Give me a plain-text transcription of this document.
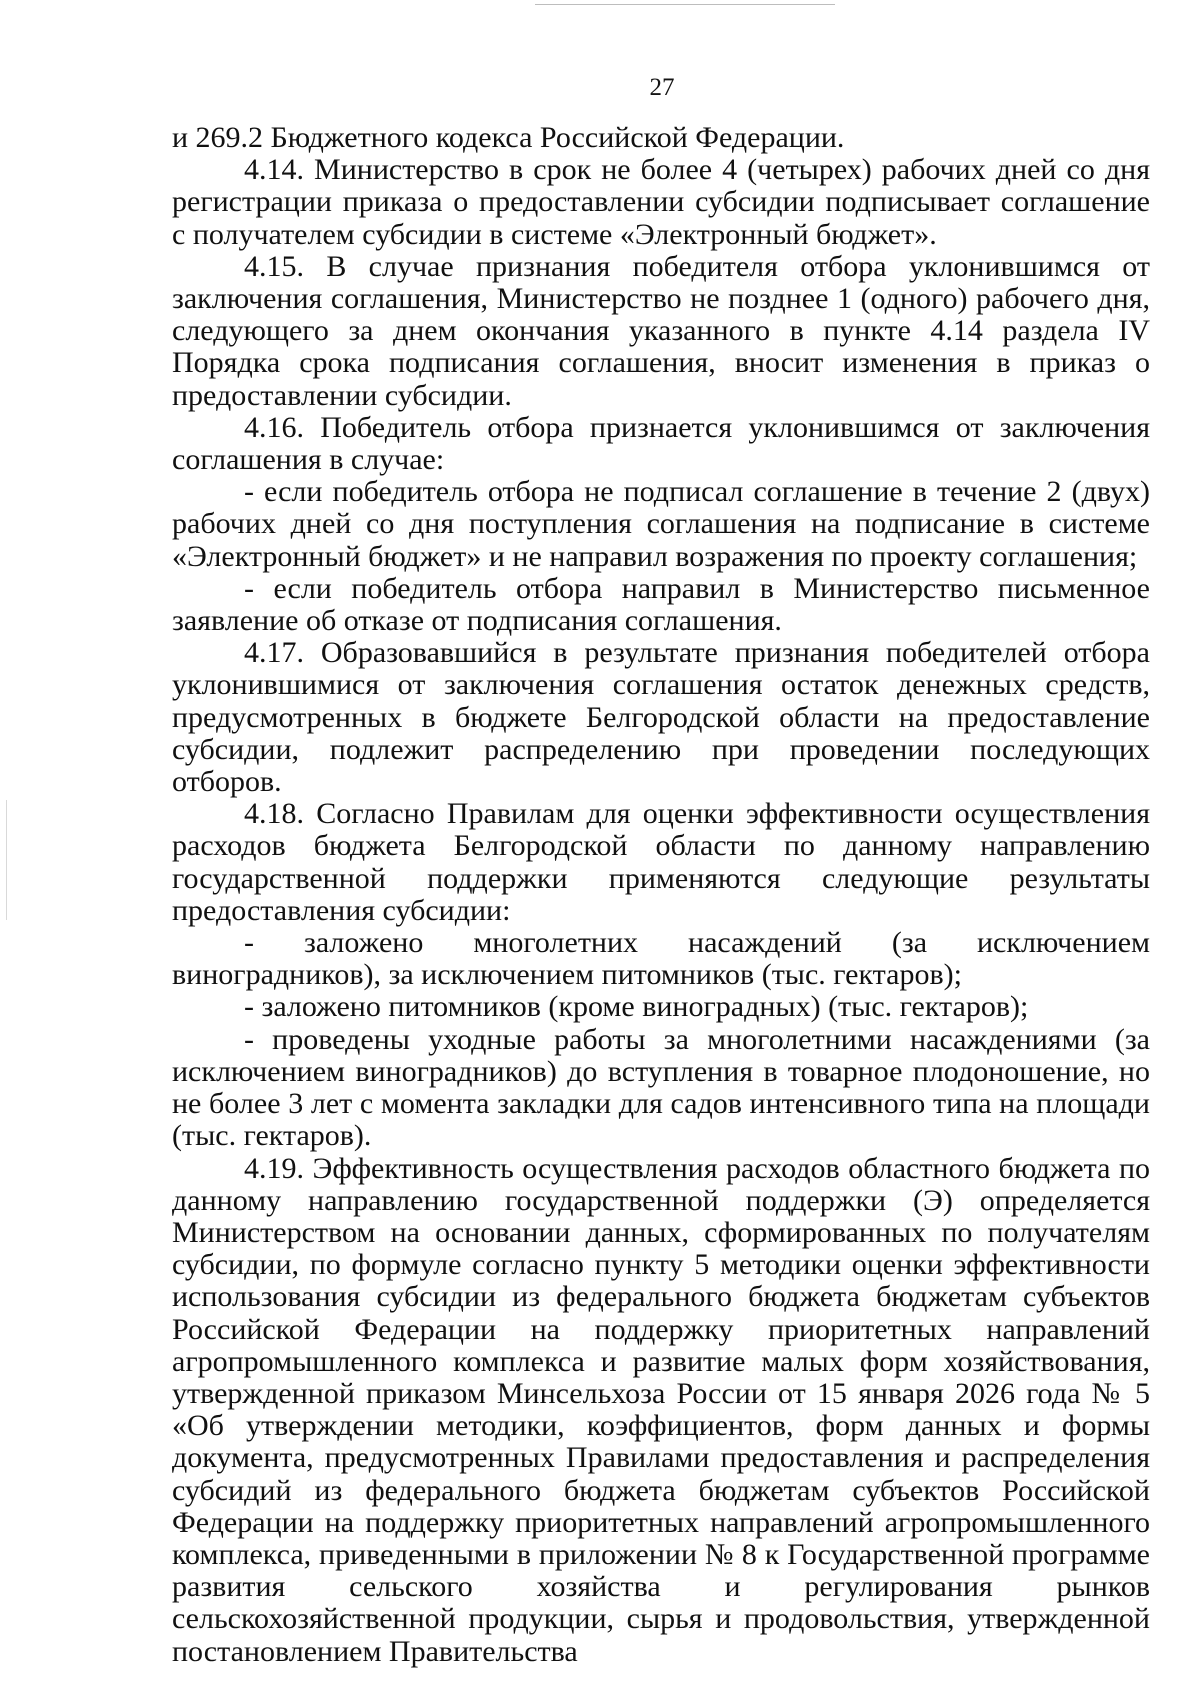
27

и 269.2 Бюджетного кодекса Российской Федерации.

4.14. Министерство в срок не более 4 (четырех) рабочих дней со дня регистрации приказа о предоставлении субсидии подписывает соглашение с получателем субсидии в системе «Электронный бюджет».

4.15. В случае признания победителя отбора уклонившимся от заключения соглашения, Министерство не позднее 1 (одного) рабочего дня, следующего за днем окончания указанного в пункте 4.14 раздела IV Порядка срока подписания соглашения, вносит изменения в приказ о предоставлении субсидии.

4.16. Победитель отбора признается уклонившимся от заключения соглашения в случае:

- если победитель отбора не подписал соглашение в течение 2 (двух) рабочих дней со дня поступления соглашения на подписание в системе «Электронный бюджет» и не направил возражения по проекту соглашения;

- если победитель отбора направил в Министерство письменное заявление об отказе от подписания соглашения.

4.17. Образовавшийся в результате признания победителей отбора уклонившимися от заключения соглашения остаток денежных средств, предусмотренных в бюджете Белгородской области на предоставление субсидии, подлежит распределению при проведении последующих отборов.

4.18. Согласно Правилам для оценки эффективности осуществления расходов бюджета Белгородской области по данному направлению государственной поддержки применяются следующие результаты предоставления субсидии:

- заложено многолетних насаждений (за исключением виноградников), за исключением питомников (тыс. гектаров);

- заложено питомников (кроме виноградных) (тыс. гектаров);

- проведены уходные работы за многолетними насаждениями (за исключением виноградников) до вступления в товарное плодоношение, но не более 3 лет с момента закладки для садов интенсивного типа на площади (тыс. гектаров).

4.19. Эффективность осуществления расходов областного бюджета по данному направлению государственной поддержки (Э) определяется Министерством на основании данных, сформированных по получателям субсидии, по формуле согласно пункту 5 методики оценки эффективности использования субсидии из федерального бюджета бюджетам субъектов Российской Федерации на поддержку приоритетных направлений агропромышленного комплекса и развитие малых форм хозяйствования, утвержденной приказом Минсельхоза России от 15 января 2026 года № 5 «Об утверждении методики, коэффициентов, форм данных и формы документа, предусмотренных Правилами предоставления и распределения субсидий из федерального бюджета бюджетам субъектов Российской Федерации на поддержку приоритетных направлений агропромышленного комплекса, приведенными в приложении № 8 к Государственной программе развития сельского хозяйства и регулирования рынков сельскохозяйственной продукции, сырья и продовольствия, утвержденной постановлением Правительства
